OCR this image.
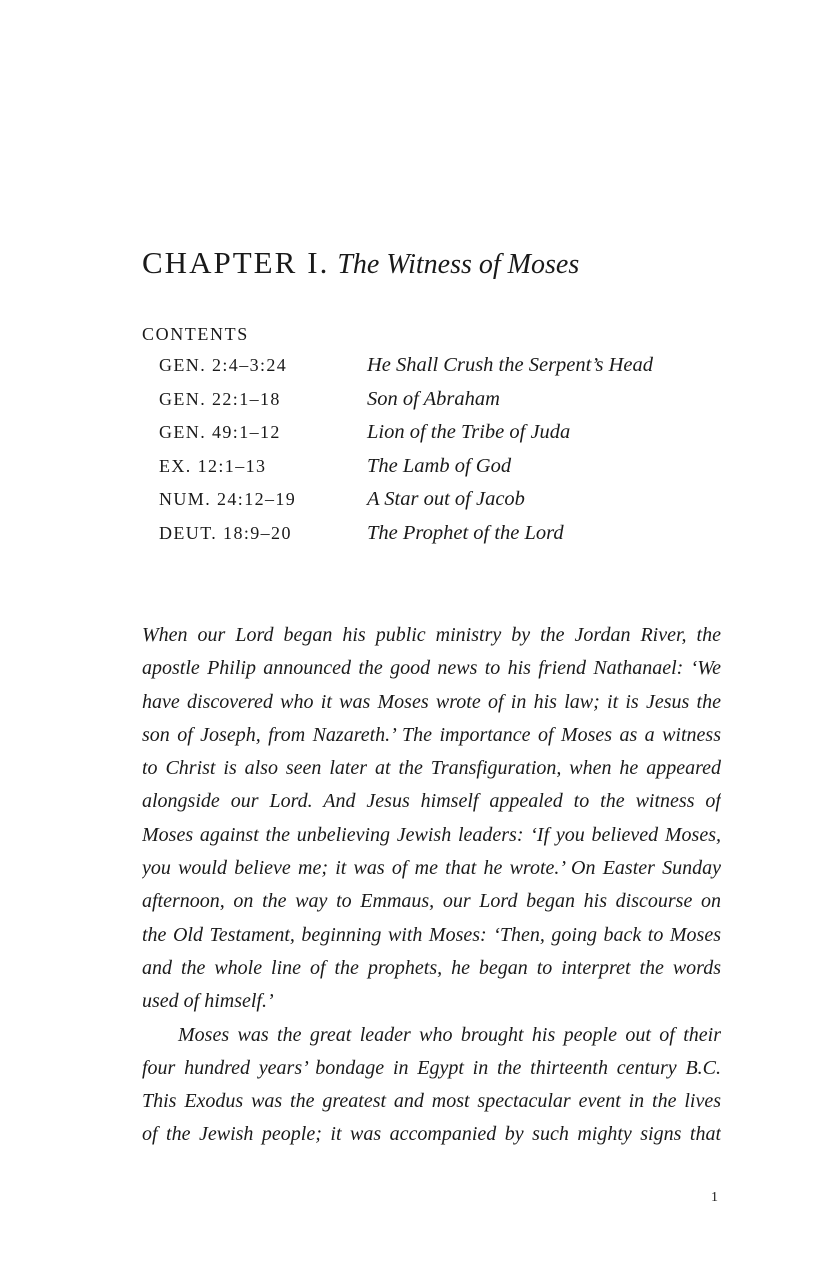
CHAPTER I. The Witness of Moses
CONTENTS
GEN. 2:4–3:24	He Shall Crush the Serpent’s Head
GEN. 22:1–18	Son of Abraham
GEN. 49:1–12	Lion of the Tribe of Juda
EX. 12:1–13	The Lamb of God
NUM. 24:12–19	A Star out of Jacob
DEUT. 18:9–20	The Prophet of the Lord
When our Lord began his public ministry by the Jordan River, the
apostle Philip announced the good news to his friend Nathanael: ‘We
have discovered who it was Moses wrote of in his law; it is Jesus the
son of Joseph, from Nazareth.’ The importance of Moses as a witness
to Christ is also seen later at the Transfiguration, when he appeared
alongside our Lord. And Jesus himself appealed to the witness of
Moses against the unbelieving Jewish leaders: ‘If you believed Moses,
you would believe me; it was of me that he wrote.’ On Easter Sunday
afternoon, on the way to Emmaus, our Lord began his discourse on
the Old Testament, beginning with Moses: ‘Then, going back to Moses
and the whole line of the prophets, he began to interpret the words
used of himself.’
Moses was the great leader who brought his people out of their
four hundred years’ bondage in Egypt in the thirteenth century B.C.
This Exodus was the greatest and most spectacular event in the lives
of the Jewish people; it was accompanied by such mighty signs that
1
